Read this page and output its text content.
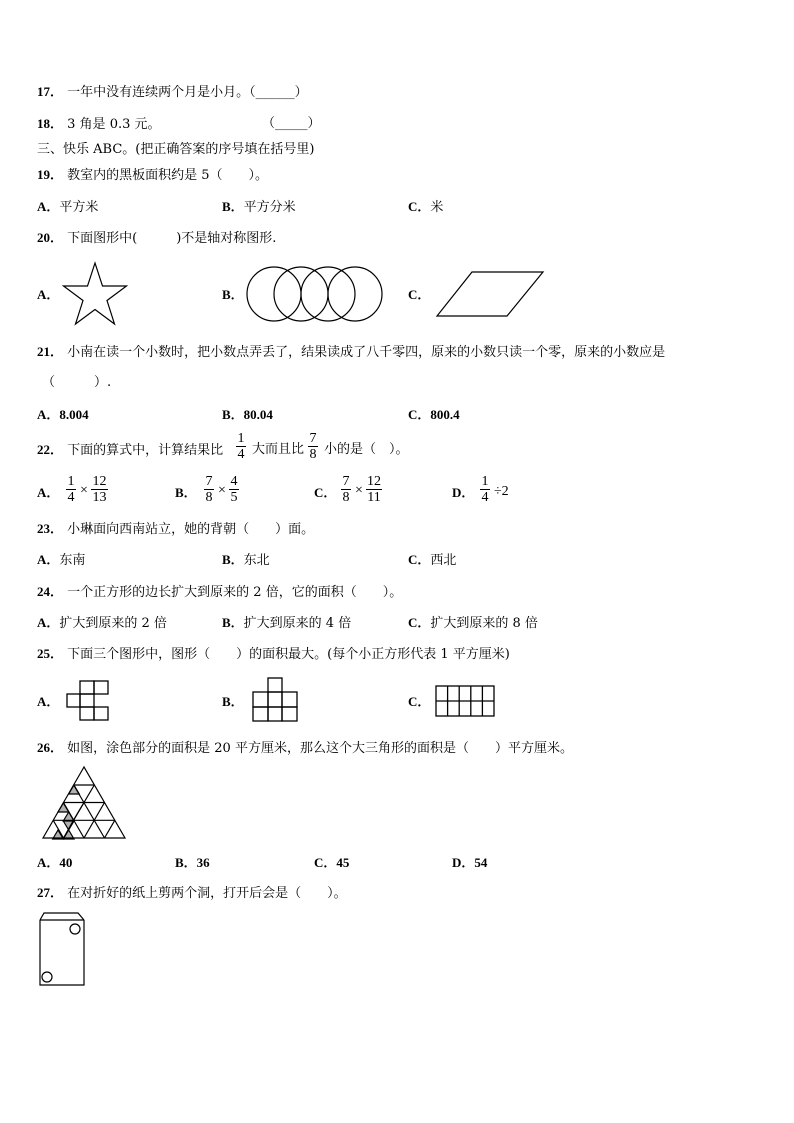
17． 一年中没有连续两个月是小月。（______）
18． 3 角是 0.3 元。	（_____）
三、快乐 ABC。(把正确答案的序号填在括号里)
19． 教室内的黑板面积约是 5（　　）。
A．平方米	B．平方分米	C．米
20． 下面图形中(　　　)不是轴对称图形.
A．	B．	C．
21． 小南在读一个小数时，把小数点弄丢了，结果读成了八千零四，原来的小数只读一个零，原来的小数应是
（　　　）.
A．8.004	B．80.04	C．800.4
22． 下面的算式中，计算结果比
1
4 大而且比
7
8 小的是（　）。
A．
1
4 ×
12
13	B．
7
8 ×
4
5	C．
7
8 ×
12
11	D．
1
4 ÷2
23． 小琳面向西南站立，她的背朝（　　）面。
A．东南	B．东北	C．西北
24． 一个正方形的边长扩大到原来的 2 倍，它的面积（　　）。
A．扩大到原来的 2 倍	B．扩大到原来的 4 倍	C．扩大到原来的 8 倍
25． 下面三个图形中，图形（　　）的面积最大。(每个小正方形代表 1 平方厘米)
A．	B．	C．
26． 如图，涂色部分的面积是 20 平方厘米，那么这个大三角形的面积是（　　）平方厘米。
A．40	B．36	C．45	D．54
27． 在对折好的纸上剪两个洞，打开后会是（　　）。
